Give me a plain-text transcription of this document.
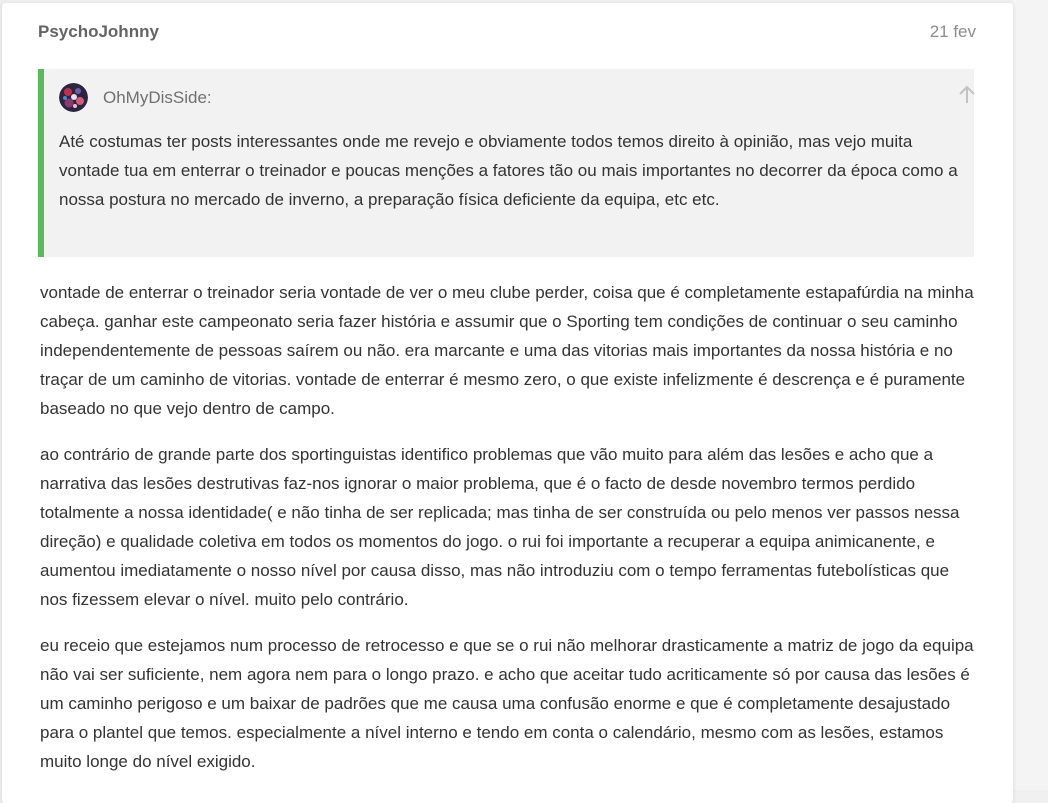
PsychoJohnny	21 fev
OhMyDisSide:

Até costumas ter posts interessantes onde me revejo e obviamente todos temos direito à opinião, mas vejo muita vontade tua em enterrar o treinador e poucas menções a fatores tão ou mais importantes no decorrer da época como a nossa postura no mercado de inverno, a preparação física deficiente da equipa, etc etc.

vontade de enterrar o treinador seria vontade de ver o meu clube perder, coisa que é completamente estapafúrdia na minha cabeça. ganhar este campeonato seria fazer história e assumir que o Sporting tem condições de continuar o seu caminho independentemente de pessoas saírem ou não. era marcante e uma das vitorias mais importantes da nossa história e no traçar de um caminho de vitorias. vontade de enterrar é mesmo zero, o que existe infelizmente é descrença e é puramente baseado no que vejo dentro de campo.

ao contrário de grande parte dos sportinguistas identifico problemas que vão muito para além das lesões e acho que a narrativa das lesões destrutivas faz-nos ignorar o maior problema, que é o facto de desde novembro termos perdido totalmente a nossa identidade( e não tinha de ser replicada; mas tinha de ser construída ou pelo menos ver passos nessa direção) e qualidade coletiva em todos os momentos do jogo. o rui foi importante a recuperar a equipa animicanente, e aumentou imediatamente o nosso nível por causa disso, mas não introduziu com o tempo ferramentas futebolísticas que nos fizessem elevar o nível. muito pelo contrário.

eu receio que estejamos num processo de retrocesso e que se o rui não melhorar drasticamente a matriz de jogo da equipa não vai ser suficiente, nem agora nem para o longo prazo. e acho que aceitar tudo acriticamente só por causa das lesões é um caminho perigoso e um baixar de padrões que me causa uma confusão enorme e que é completamente desajustado para o plantel que temos. especialmente a nível interno e tendo em conta o calendário, mesmo com as lesões, estamos muito longe do nível exigido.
